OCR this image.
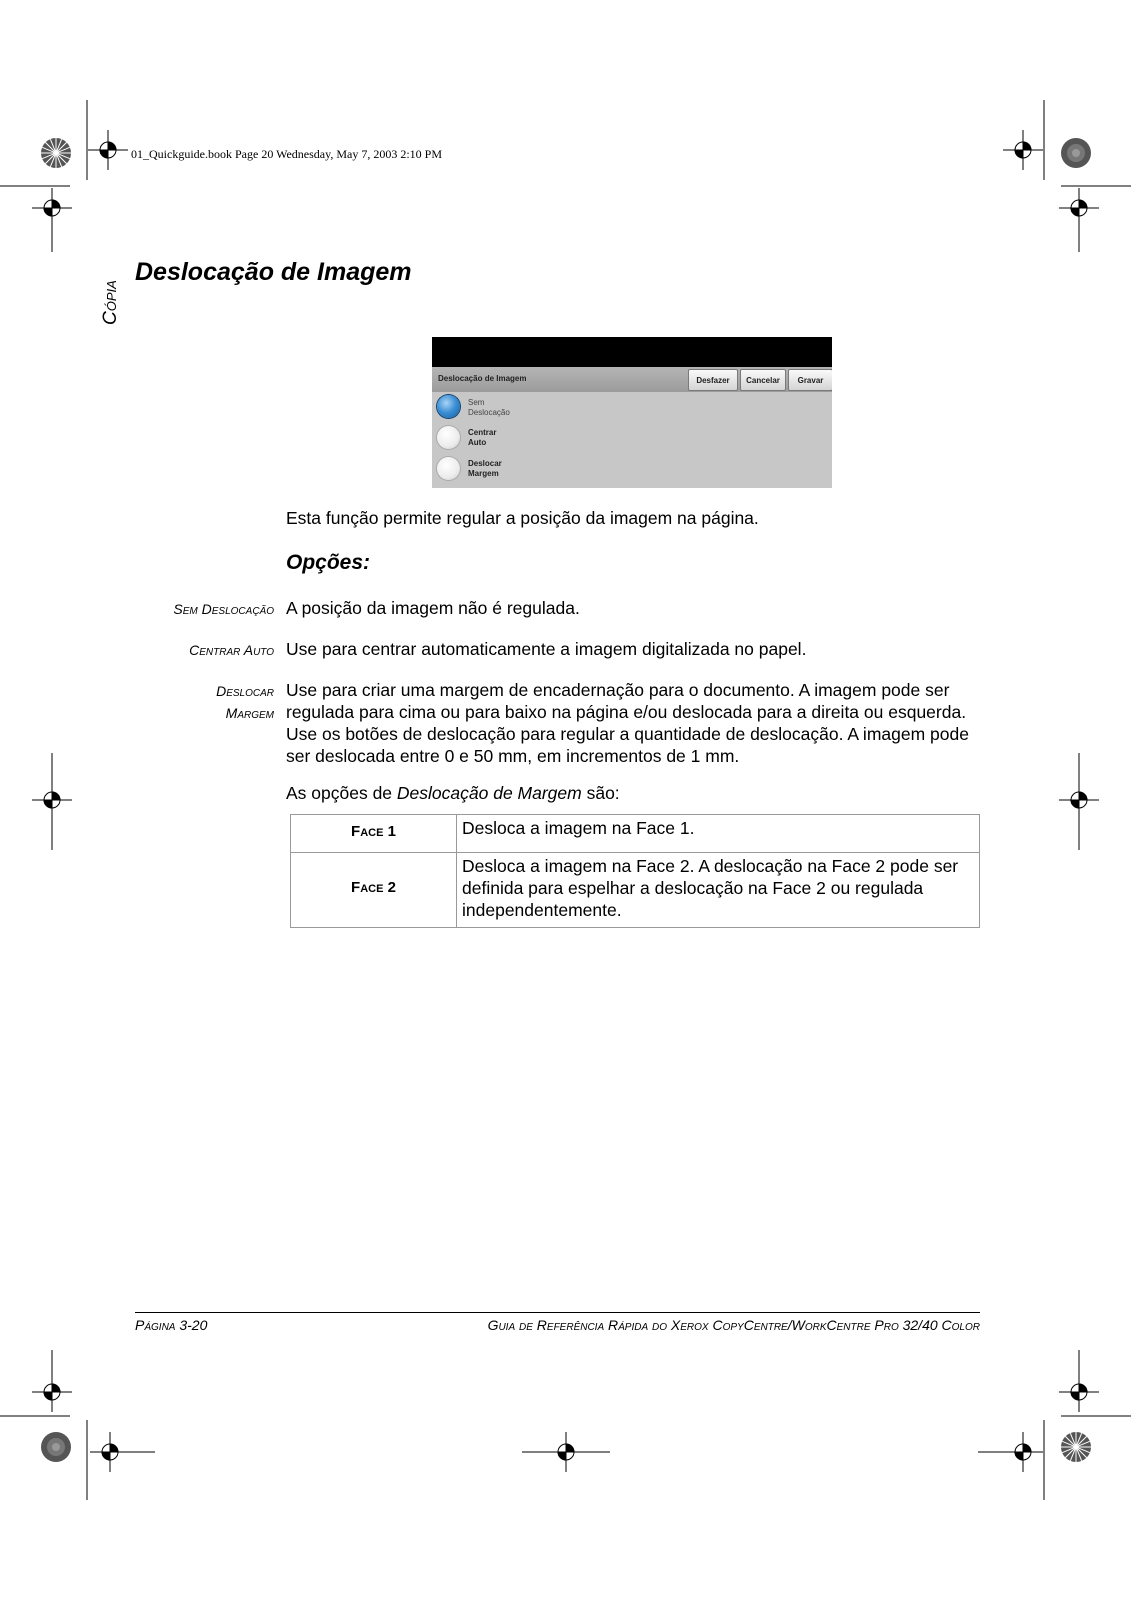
01_Quickguide.book Page 20 Wednesday, May 7, 2003 2:10 PM
Cópia
Deslocação de Imagem
Deslocação de Imagem	Desfazer	Cancelar	Gravar
Sem
Deslocação
Centrar
Auto
Deslocar
Margem
Esta função permite regular a posição da imagem na página.
Opções:
Sem Deslocação A posição da imagem não é regulada.
Centrar Auto Use para centrar automaticamente a imagem digitalizada no papel.
Deslocar
Margem
Use para criar uma margem de encadernação para o documento. A imagem pode ser regulada para cima ou para baixo na página e/ou deslocada para a direita ou esquerda. Use os botões de deslocação para regular a quantidade de deslocação. A imagem pode ser deslocada entre 0 e 50 mm, em incrementos de 1 mm.
As opções de Deslocação de Margem são:
Face 1	Desloca a imagem na Face 1.
Face 2	Desloca a imagem na Face 2. A deslocação na Face 2 pode ser definida para espelhar a deslocação na Face 2 ou regulada independentemente.
Página 3-20	Guia de Referência Rápida do Xerox CopyCentre/WorkCentre Pro 32/40 Color
